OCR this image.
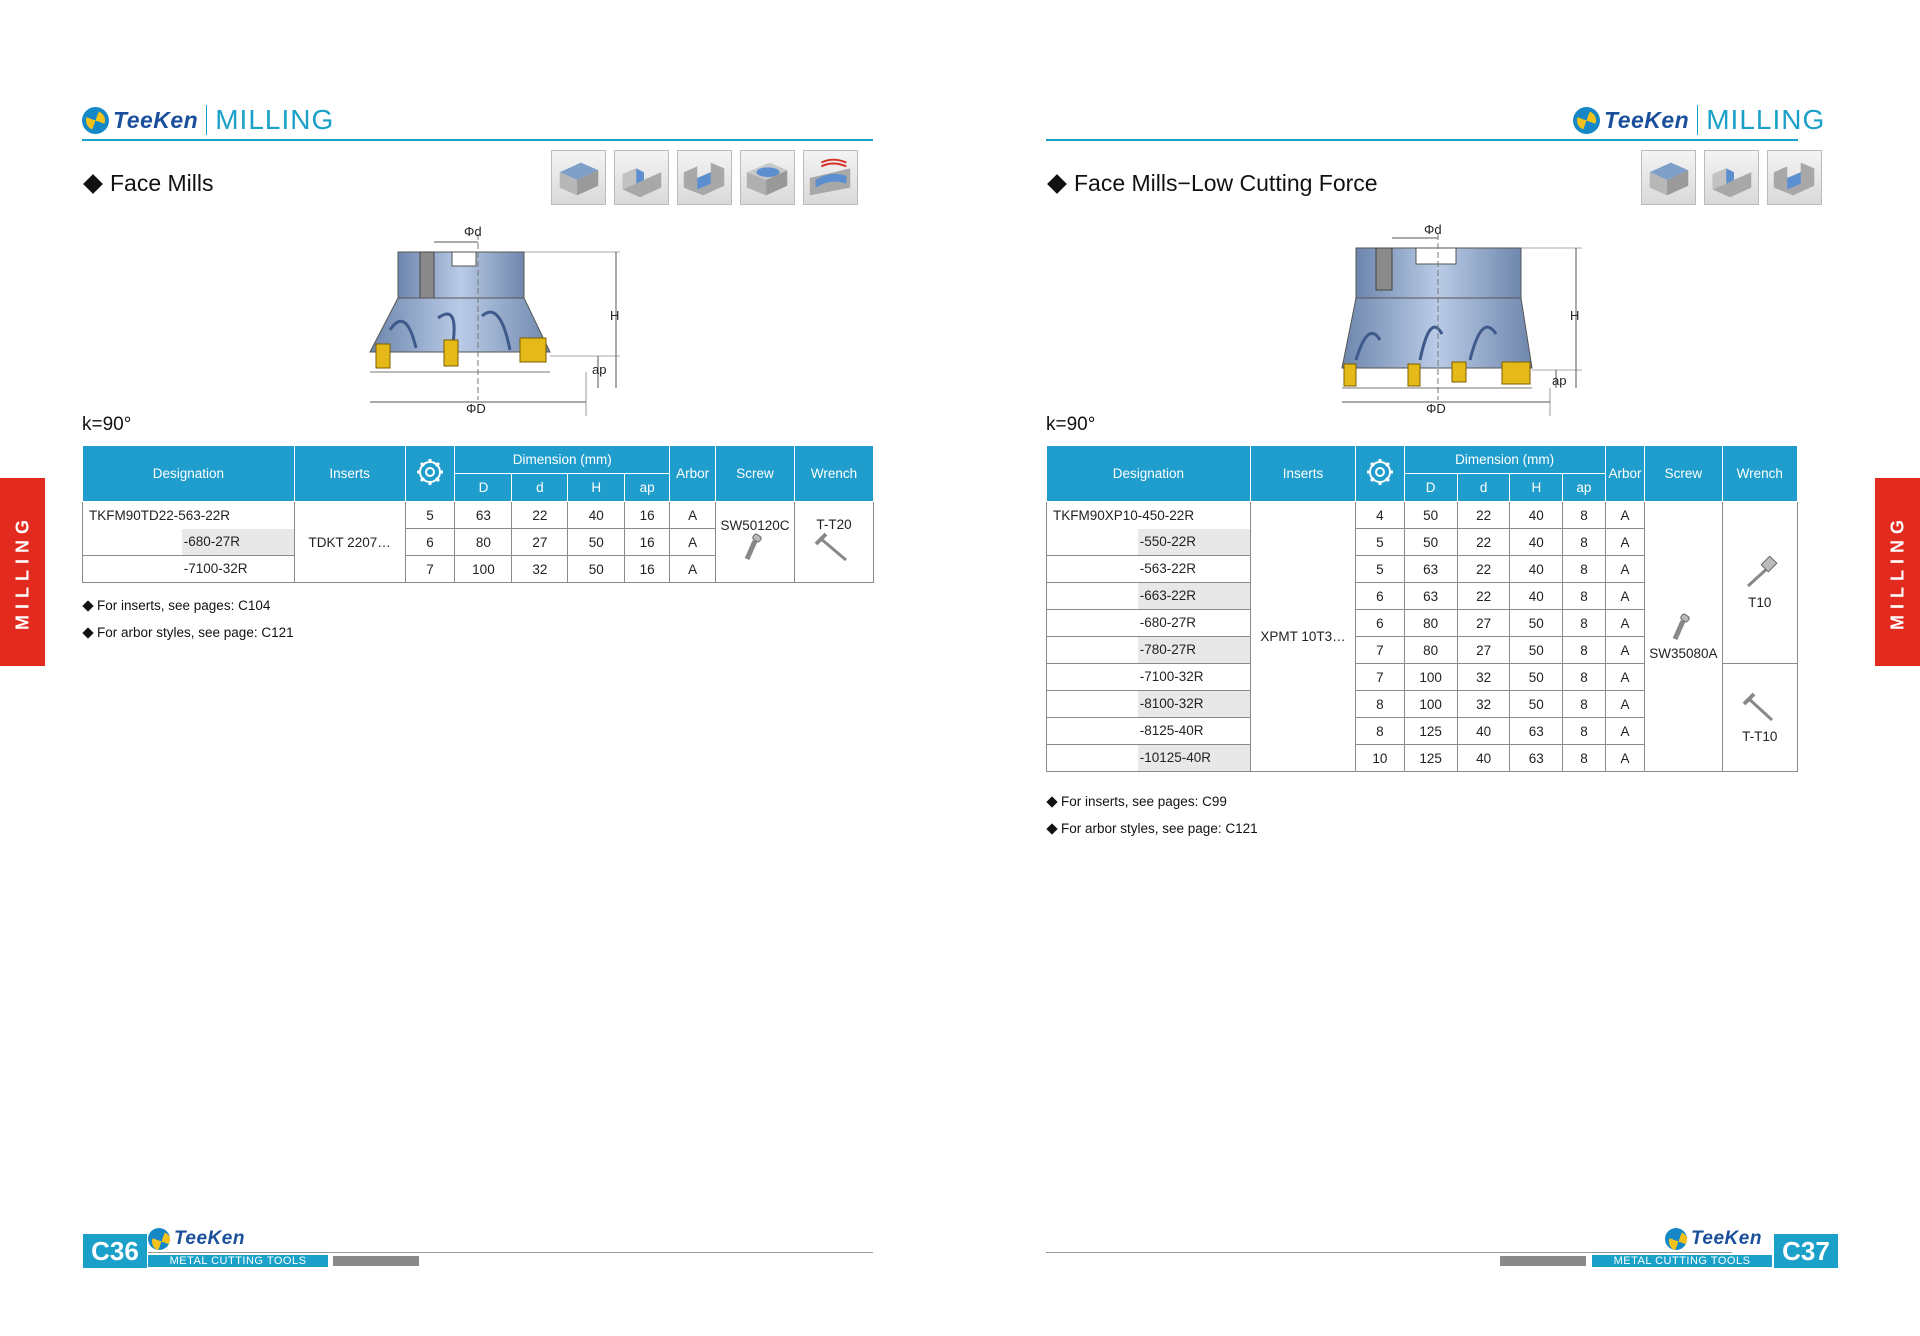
TeeKen MILLING
Face Mills
Φd
H
ap
ΦD
k=90°
Designation	Inserts		Dimension (mm)				Arbor	Screw	Wrench
			D	d	H	ap			
TKFM90TD22-563-22R	TDKT 2207…	5	63	22	40	16	A	SW50120C	T-T20

-680-27R		6	80	27	50	16	A		
-7100-32R		7	100	32	50	16	A		
For inserts, see pages: C104
For arbor styles, see page: C121
MILLING
C36	TeeKen
METAL CUTTING TOOLS
TeeKen MILLING
Face Mills−Low Cutting Force
Φd
H
ap
ΦD
k=90°
Designation	Inserts		Dimension (mm)				Arbor	Screw	Wrench
			D	d	H	ap			
TKFM90XP10-450-22R	XPMT 10T3…	4	50	22	40	8	A	SW35080A	T10

-550-22R		5	50	22	40	8	A		
-563-22R		5	63	22	40	8	A		
-663-22R		6	63	22	40	8	A		
-680-27R		6	80	27	50	8	A		
-780-27R		7	80	27	50	8	A		
-7100-32R		7	100	32	50	8	A		T-T10

-8100-32R		8	100	32	50	8	A		
-8125-40R		8	125	40	63	8	A		
-10125-40R		10	125	40	63	8	A		
For inserts, see pages: C99
For arbor styles, see page: C121
MILLING
TeeKen
METAL CUTTING TOOLS	C37
